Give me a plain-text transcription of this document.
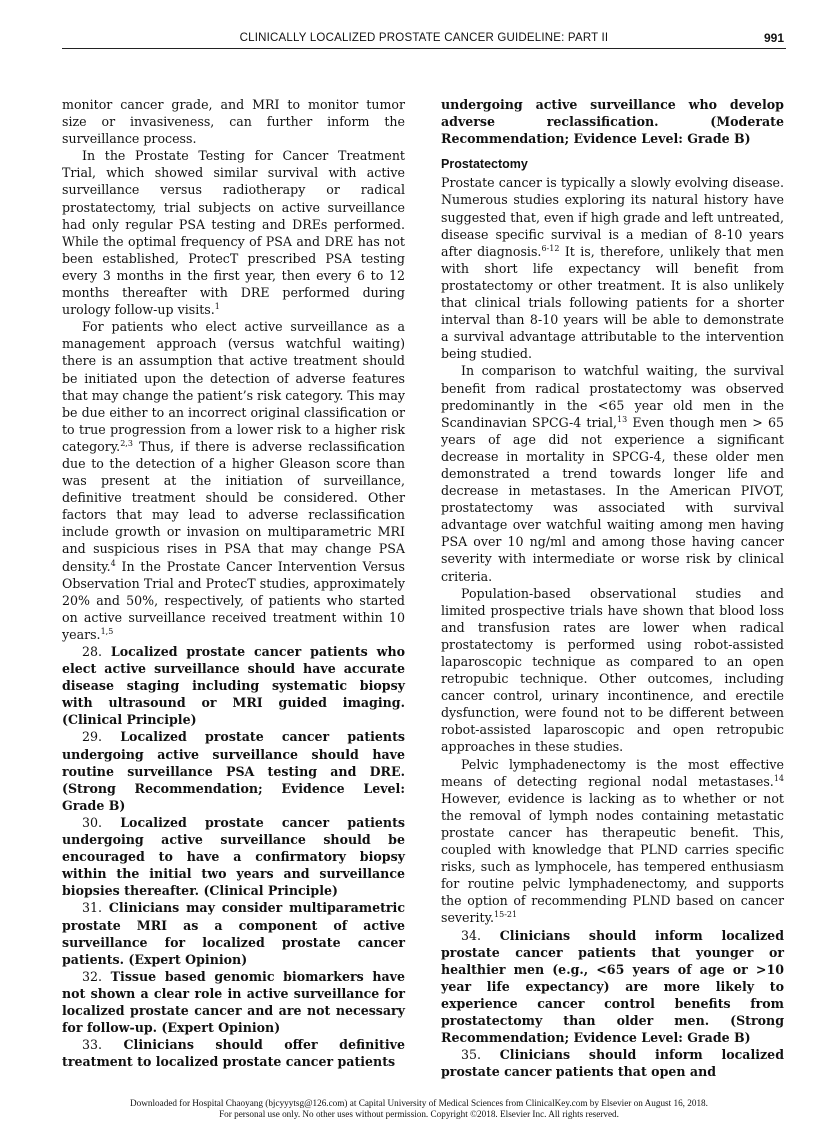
CLINICALLY LOCALIZED PROSTATE CANCER GUIDELINE: PART II	991

monitor cancer grade, and MRI to monitor tumor size or invasiveness, can further inform the surveillance process.

In the Prostate Testing for Cancer Treatment Trial, which showed similar survival with active surveillance versus radiotherapy or radical prostatectomy, trial subjects on active surveillance had only regular PSA testing and DREs performed. While the optimal frequency of PSA and DRE has not been established, ProtecT prescribed PSA testing every 3 months in the first year, then every 6 to 12 months thereafter with DRE performed during urology follow-up visits.$^1$

For patients who elect active surveillance as a management approach (versus watchful waiting) there is an assumption that active treatment should be initiated upon the detection of adverse features that may change the patient’s risk category. This may be due either to an incorrect original classification or to true progression from a lower risk to a higher risk category.$^{2,3}$ Thus, if there is adverse reclassification due to the detection of a higher Gleason score than was present at the initiation of surveillance, definitive treatment should be considered. Other factors that may lead to adverse reclassification include growth or invasion on multiparametric MRI and suspicious rises in PSA that may change PSA density.$^4$ In the Prostate Cancer Intervention Versus Observation Trial and ProtecT studies, approximately 20% and 50%, respectively, of patients who started on active surveillance received treatment within 10 years.$^{1,5}$

28. Localized prostate cancer patients who elect active surveillance should have accurate disease staging including systematic biopsy with ultrasound or MRI guided imaging. (Clinical Principle)

29. Localized prostate cancer patients undergoing active surveillance should have routine surveillance PSA testing and DRE. (Strong Recommendation; Evidence Level: Grade B)

30. Localized prostate cancer patients undergoing active surveillance should be encouraged to have a confirmatory biopsy within the initial two years and surveillance biopsies thereafter. (Clinical Principle)

31. Clinicians may consider multiparametric prostate MRI as a component of active surveillance for localized prostate cancer patients. (Expert Opinion)

32. Tissue based genomic biomarkers have not shown a clear role in active surveillance for localized prostate cancer and are not necessary for follow-up. (Expert Opinion)

33. Clinicians should offer definitive treatment to localized prostate cancer patients

undergoing active surveillance who develop adverse reclassification. (Moderate Recommendation; Evidence Level: Grade B)

Prostatectomy

Prostate cancer is typically a slowly evolving disease. Numerous studies exploring its natural history have suggested that, even if high grade and left untreated, disease specific survival is a median of 8-10 years after diagnosis.$^{6-12}$ It is, therefore, unlikely that men with short life expectancy will benefit from prostatectomy or other treatment. It is also unlikely that clinical trials following patients for a shorter interval than 8-10 years will be able to demonstrate a survival advantage attributable to the intervention being studied.

In comparison to watchful waiting, the survival benefit from radical prostatectomy was observed predominantly in the <65 year old men in the Scandinavian SPCG-4 trial,$^{13}$ Even though men > 65 years of age did not experience a significant decrease in mortality in SPCG-4, these older men demonstrated a trend towards longer life and decrease in metastases. In the American PIVOT, prostatectomy was associated with survival advantage over watchful waiting among men having PSA over 10 ng/ml and among those having cancer severity with intermediate or worse risk by clinical criteria.

Population-based observational studies and limited prospective trials have shown that blood loss and transfusion rates are lower when radical prostatectomy is performed using robot-assisted laparoscopic technique as compared to an open retropubic technique. Other outcomes, including cancer control, urinary incontinence, and erectile dysfunction, were found not to be different between robot-assisted laparoscopic and open retropubic approaches in these studies.

Pelvic lymphadenectomy is the most effective means of detecting regional nodal metastases.$^{14}$ However, evidence is lacking as to whether or not the removal of lymph nodes containing metastatic prostate cancer has therapeutic benefit. This, coupled with knowledge that PLND carries specific risks, such as lymphocele, has tempered enthusiasm for routine pelvic lymphadenectomy, and supports the option of recommending PLND based on cancer severity.$^{15-21}$

34. Clinicians should inform localized prostate cancer patients that younger or healthier men (e.g., <65 years of age or >10 year life expectancy) are more likely to experience cancer control benefits from prostatectomy than older men. (Strong Recommendation; Evidence Level: Grade B)

35. Clinicians should inform localized prostate cancer patients that open and

Downloaded for Hospital Chaoyang (bjcyyytsg@126.com) at Capital University of Medical Sciences from ClinicalKey.com by Elsevier on August 16, 2018.
For personal use only. No other uses without permission. Copyright ©2018. Elsevier Inc. All rights reserved.
